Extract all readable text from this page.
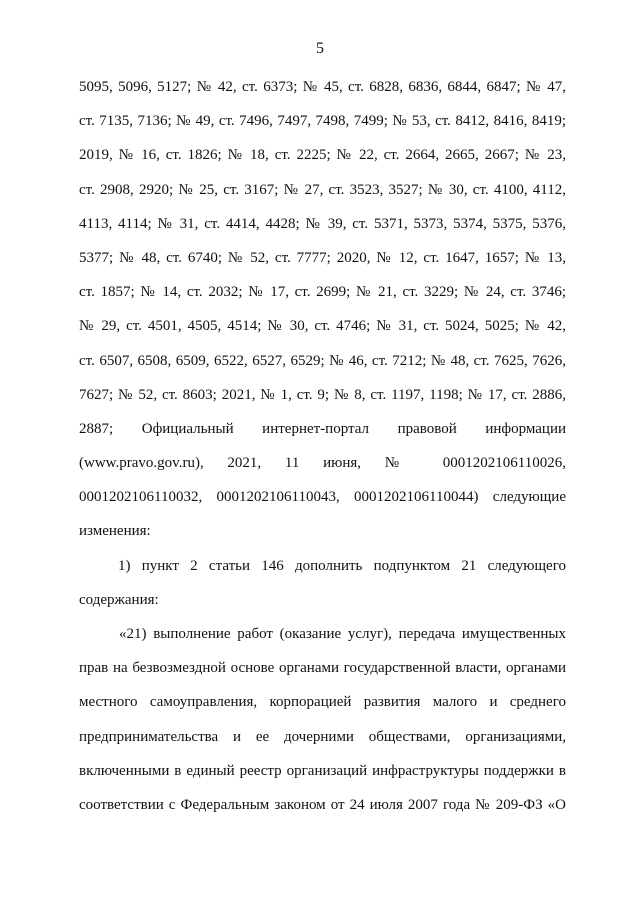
5
5095, 5096, 5127; № 42, ст. 6373; № 45, ст. 6828, 6836, 6844, 6847; № 47,
ст. 7135, 7136; № 49, ст. 7496, 7497, 7498, 7499; № 53, ст. 8412, 8416, 8419;
2019, № 16, ст. 1826; № 18, ст. 2225; № 22, ст. 2664, 2665, 2667; № 23,
ст. 2908, 2920; № 25, ст. 3167; № 27, ст. 3523, 3527; № 30, ст. 4100, 4112,
4113, 4114; № 31, ст. 4414, 4428; № 39, ст. 5371, 5373, 5374, 5375, 5376,
5377; № 48, ст. 6740; № 52, ст. 7777; 2020, № 12, ст. 1647, 1657; № 13,
ст. 1857; № 14, ст. 2032; № 17, ст. 2699; № 21, ст. 3229; № 24, ст. 3746;
№ 29, ст. 4501, 4505, 4514; № 30, ст. 4746; № 31, ст. 5024, 5025; № 42,
ст. 6507, 6508, 6509, 6522, 6527, 6529; № 46, ст. 7212; № 48, ст. 7625, 7626,
7627; № 52, ст. 8603; 2021, № 1, ст. 9; № 8, ст. 1197, 1198; № 17, ст. 2886,
2887; Официальный интернет-портал правовой информации
(www.pravo.gov.ru), 2021, 11 июня, № 0001202106110026,
0001202106110032, 0001202106110043, 0001202106110044) следующие
изменения:
1) пункт 2 статьи 146 дополнить подпунктом 21 следующего
содержания:
«21) выполнение работ (оказание услуг), передача имущественных
прав на безвозмездной основе органами государственной власти, органами
местного самоуправления, корпорацией развития малого и среднего
предпринимательства и ее дочерними обществами, организациями,
включенными в единый реестр организаций инфраструктуры поддержки в
соответствии с Федеральным законом от 24 июля 2007 года № 209-ФЗ «О
